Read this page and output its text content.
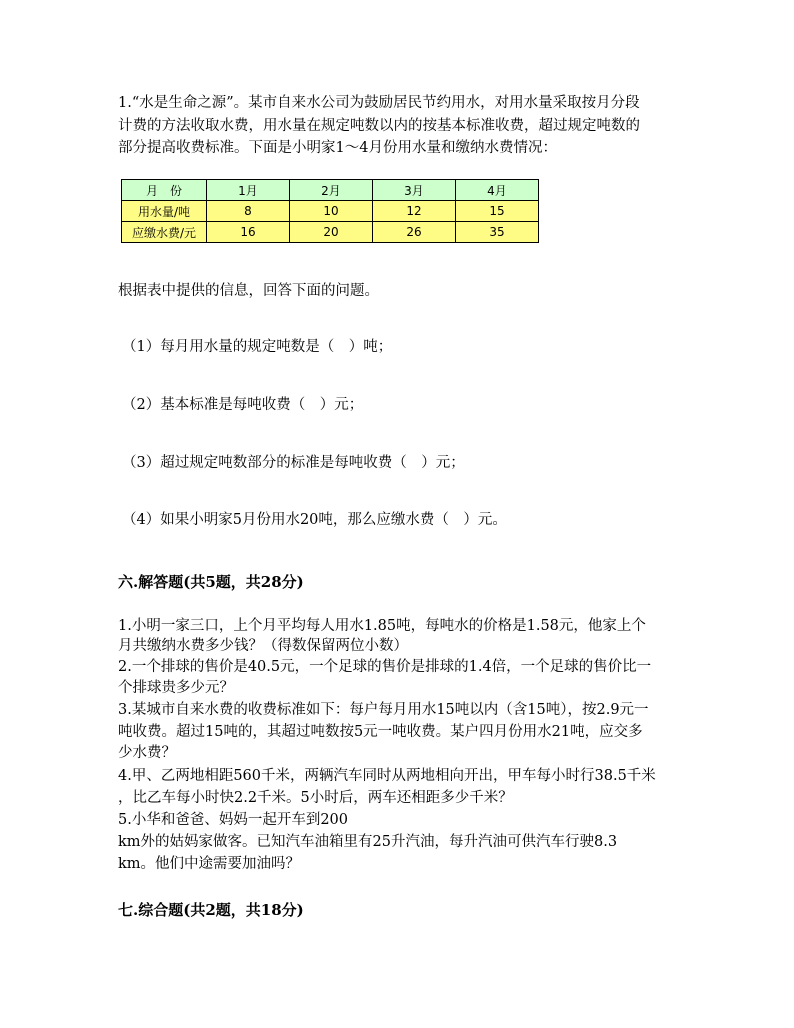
1.“水是生命之源”。某市自来水公司为鼓励居民节约用水，对用水量采取按月分段
计费的方法收取水费，用水量在规定吨数以内的按基本标准收费，超过规定吨数的
部分提高收费标准。下面是小明家1～4月份用水量和缴纳水费情况：
月　份	1月	2月	3月	4月
用水量/吨	8	10	12	15
应缴水费/元	16	20	26	35
根据表中提供的信息，回答下面的问题。
（1）每月用水量的规定吨数是（　）吨；
（2）基本标准是每吨收费（　）元；
（3）超过规定吨数部分的标准是每吨收费（　）元；
（4）如果小明家5月份用水20吨，那么应缴水费（　）元。
六.解答题(共5题，共28分)
1.小明一家三口，上个月平均每人用水1.85吨，每吨水的价格是1.58元，他家上个
月共缴纳水费多少钱？（得数保留两位小数）
2.一个排球的售价是40.5元，一个足球的售价是排球的1.4倍，一个足球的售价比一
个排球贵多少元？
3.某城市自来水费的收费标准如下：每户每月用水15吨以内（含15吨），按2.9元一
吨收费。超过15吨的，其超过吨数按5元一吨收费。某户四月份用水21吨，应交多
少水费？
4.甲、乙两地相距560千米，两辆汽车同时从两地相向开出，甲车每小时行38.5千米
，比乙车每小时快2.2千米。5小时后，两车还相距多少千米？
5.小华和爸爸、妈妈一起开车到200
km外的姑妈家做客。已知汽车油箱里有25升汽油，每升汽油可供汽车行驶8.3
km。他们中途需要加油吗？
七.综合题(共2题，共18分)
